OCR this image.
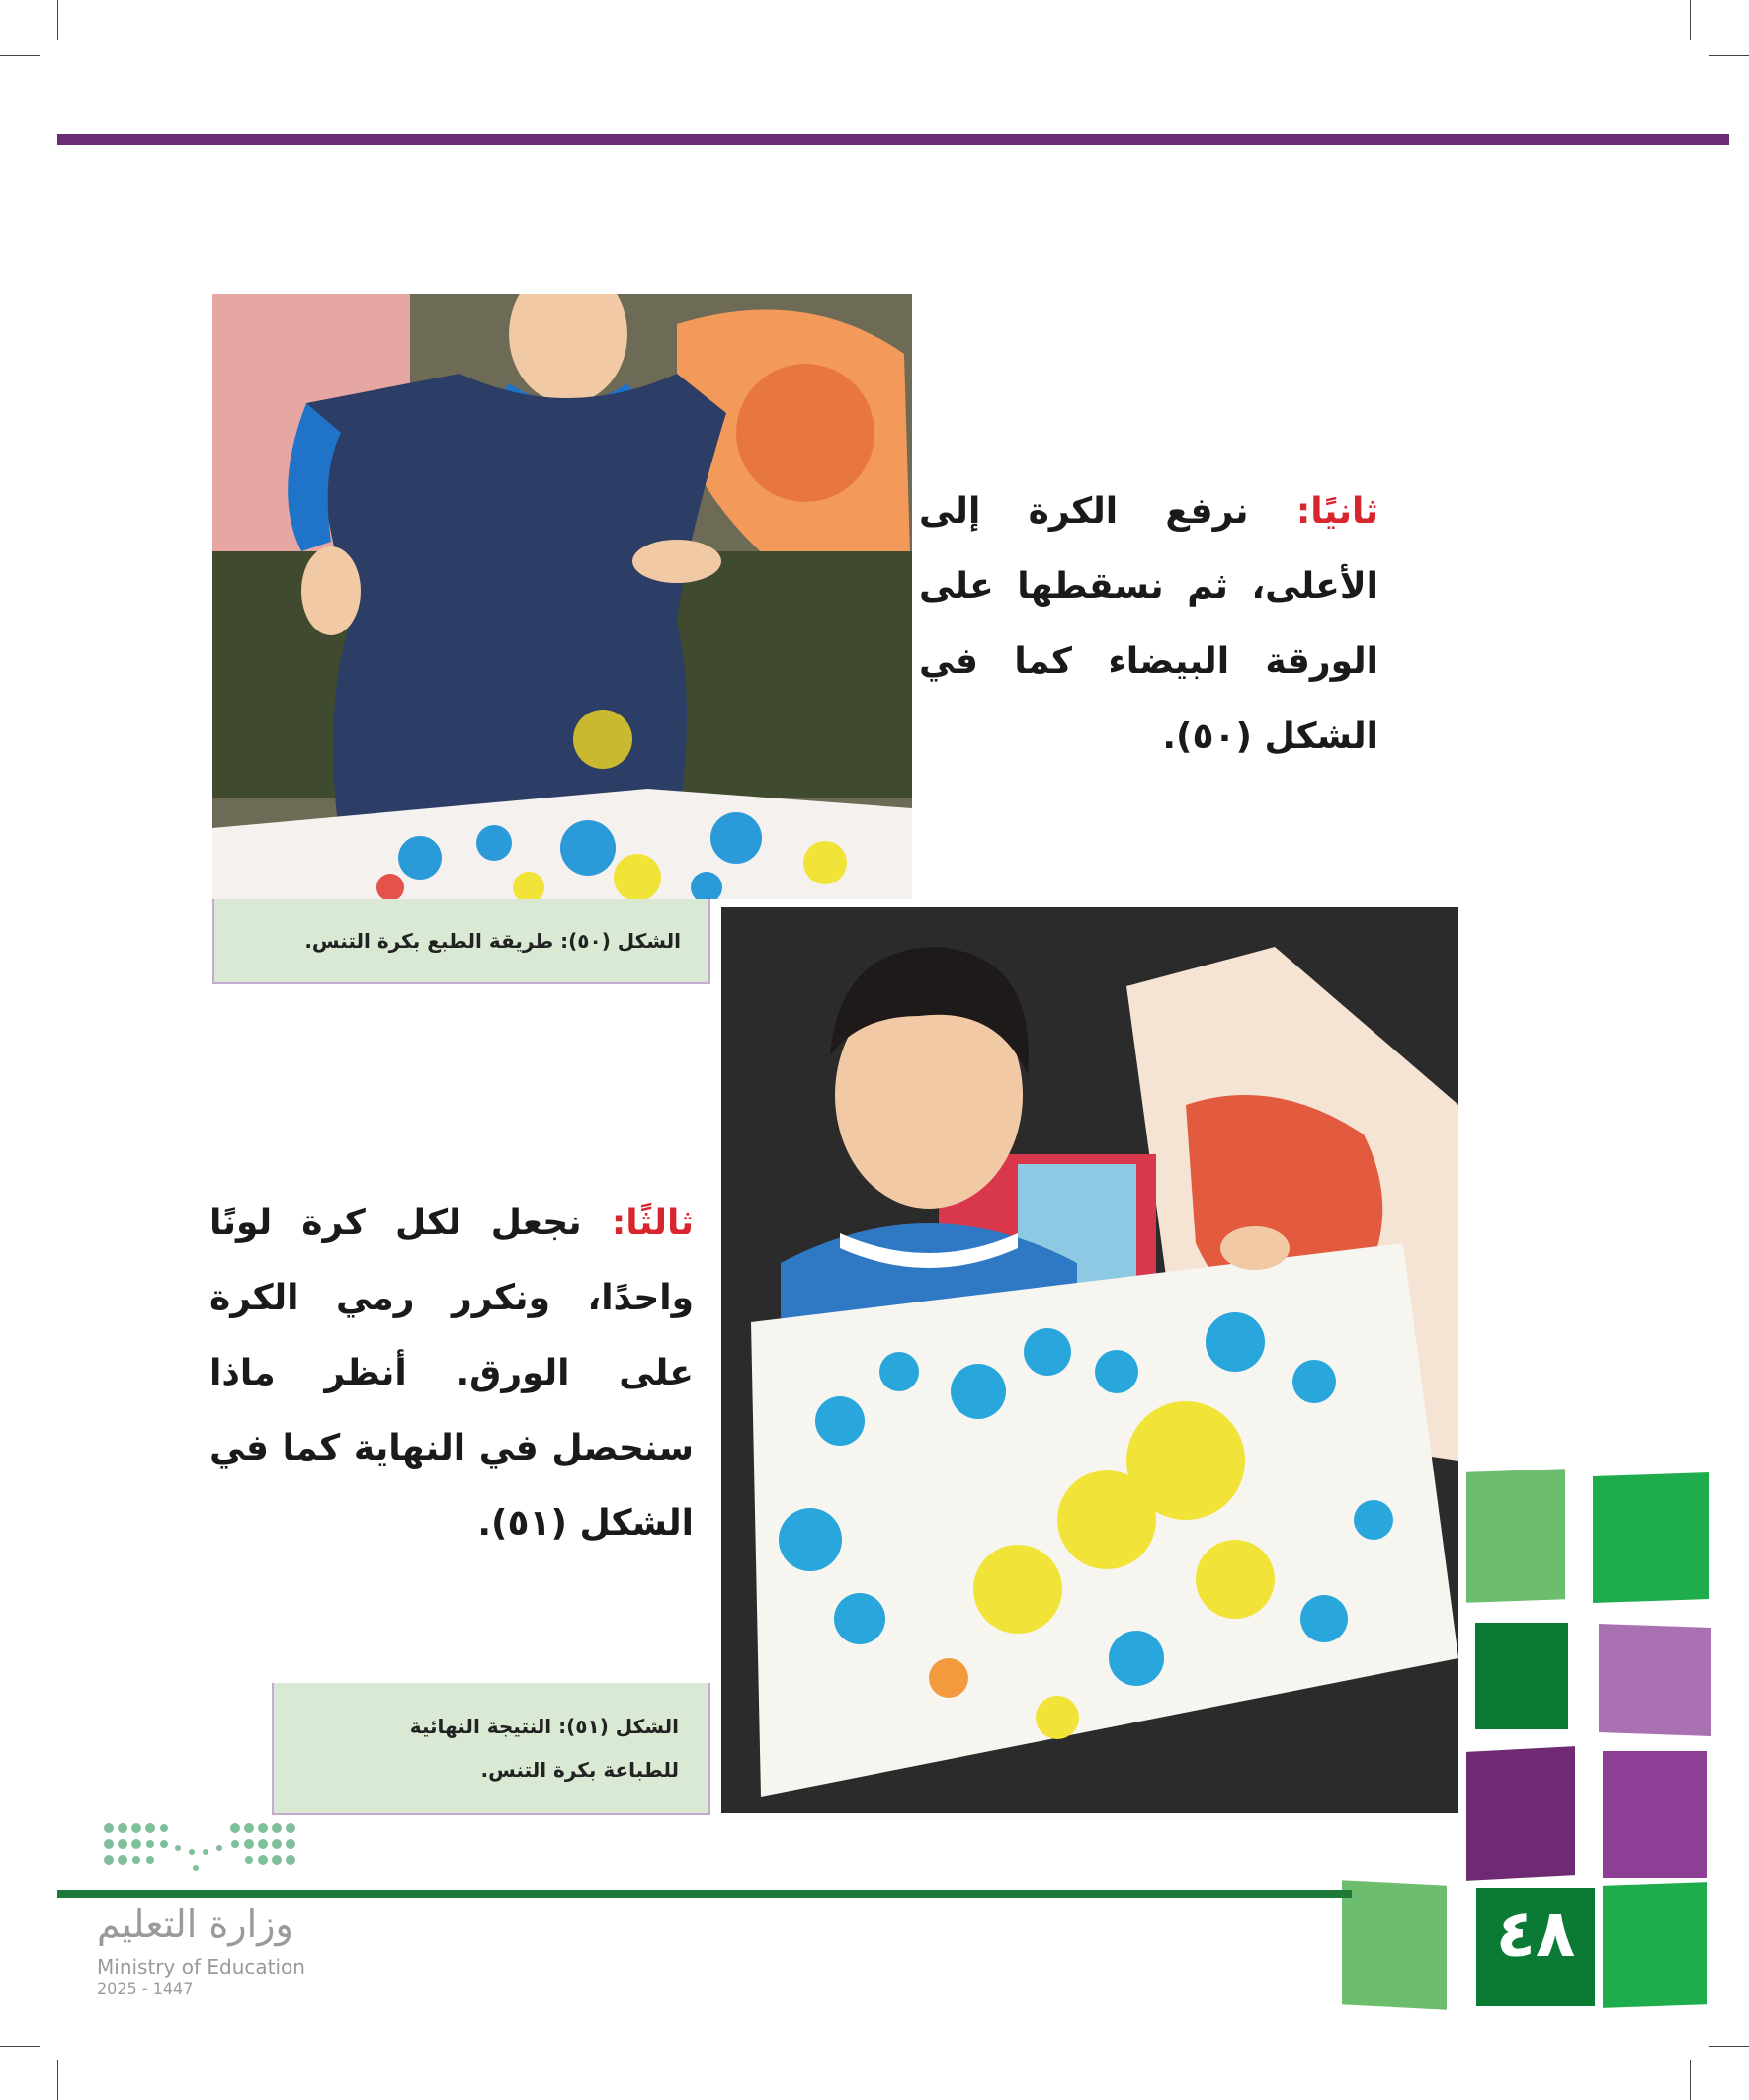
الشكل (٥٠): طريقة الطبع بكرة التنس.
ثانيًا: نرفع الكرة إلى الأعلى، ثم نسقطها على الورقة البيضاء كما في الشكل (٥٠).
الشكل (٥١): النتيجة النهائية
للطباعة بكرة التنس.
ثالثًا: نجعل لكل كرة لونًا واحدًا، ونكرر رمي الكرة على الورق. أنظر ماذا سنحصل في النهاية كما في الشكل (٥١).
٤٨
وزارة التعليم
Ministry of Education
2025 - 1447
